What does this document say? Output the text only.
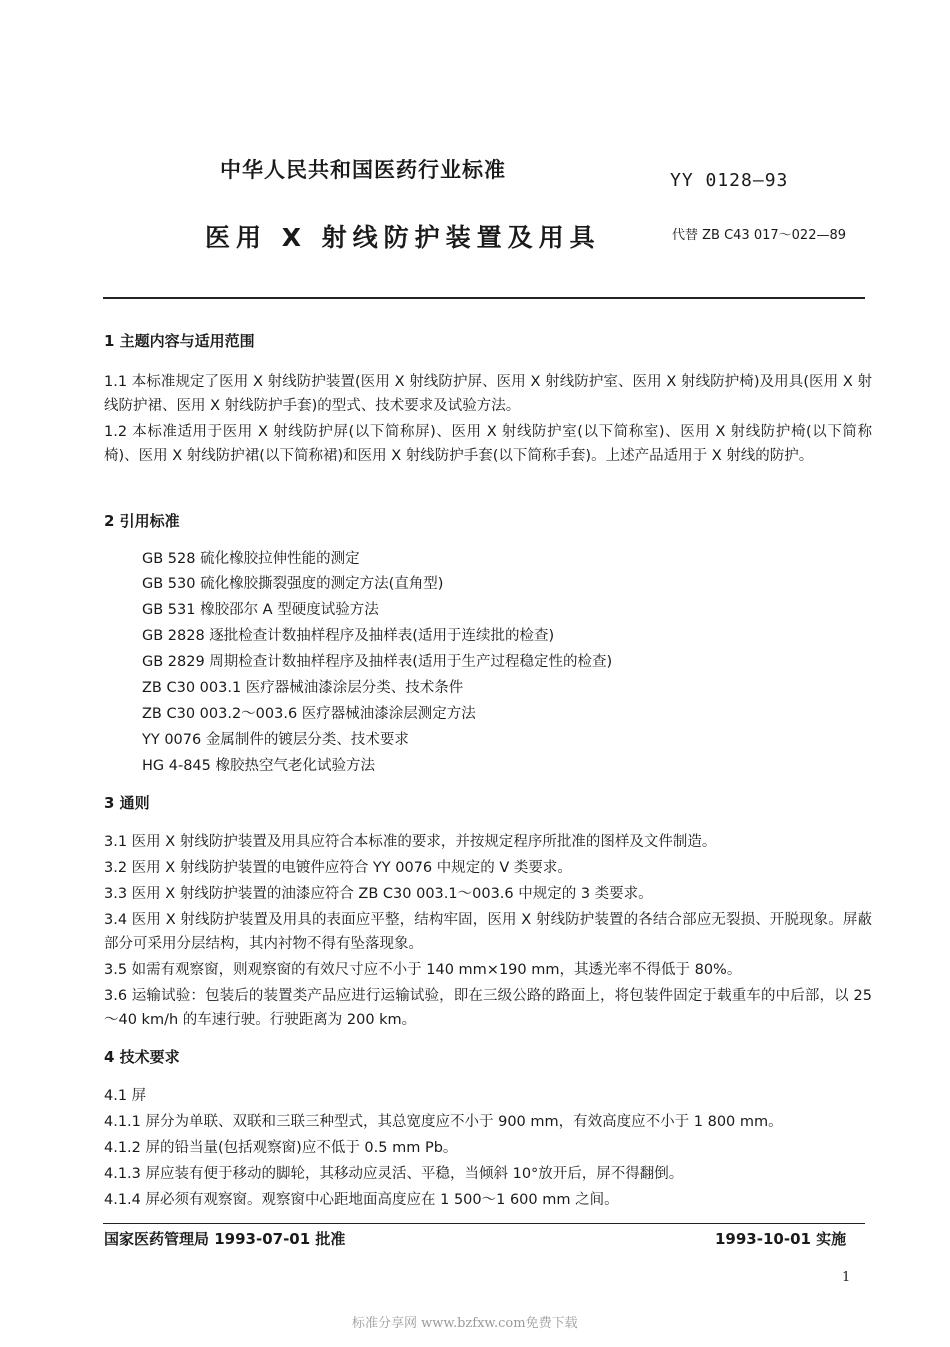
中华人民共和国医药行业标准	YY 0128—93
医用 X 射线防护装置及用具	代替 ZB C43 017～022—89
1 主题内容与适用范围
1.1 本标准规定了医用 X 射线防护装置(医用 X 射线防护屏、医用 X 射线防护室、医用 X 射线防护椅)及用具(医用 X 射线防护裙、医用 X 射线防护手套)的型式、技术要求及试验方法。
1.2 本标准适用于医用 X 射线防护屏(以下简称屏)、医用 X 射线防护室(以下简称室)、医用 X 射线防护椅(以下简称椅)、医用 X 射线防护裙(以下简称裙)和医用 X 射线防护手套(以下简称手套)。上述产品适用于 X 射线的防护。
2 引用标准
GB 528 硫化橡胶拉伸性能的测定
GB 530 硫化橡胶撕裂强度的测定方法(直角型)
GB 531 橡胶邵尔 A 型硬度试验方法
GB 2828 逐批检查计数抽样程序及抽样表(适用于连续批的检查)
GB 2829 周期检查计数抽样程序及抽样表(适用于生产过程稳定性的检查)
ZB C30 003.1 医疗器械油漆涂层分类、技术条件
ZB C30 003.2～003.6 医疗器械油漆涂层测定方法
YY 0076 金属制件的镀层分类、技术要求
HG 4-845 橡胶热空气老化试验方法
3 通则
3.1 医用 X 射线防护装置及用具应符合本标准的要求，并按规定程序所批准的图样及文件制造。
3.2 医用 X 射线防护装置的电镀件应符合 YY 0076 中规定的 V 类要求。
3.3 医用 X 射线防护装置的油漆应符合 ZB C30 003.1～003.6 中规定的 3 类要求。
3.4 医用 X 射线防护装置及用具的表面应平整，结构牢固，医用 X 射线防护装置的各结合部应无裂损、开脱现象。屏蔽部分可采用分层结构，其内衬物不得有坠落现象。
3.5 如需有观察窗，则观察窗的有效尺寸应不小于 140 mm×190 mm，其透光率不得低于 80%。
3.6 运输试验：包装后的装置类产品应进行运输试验，即在三级公路的路面上，将包装件固定于载重车的中后部，以 25～40 km/h 的车速行驶。行驶距离为 200 km。
4 技术要求
4.1 屏
4.1.1 屏分为单联、双联和三联三种型式，其总宽度应不小于 900 mm，有效高度应不小于 1 800 mm。
4.1.2 屏的铅当量(包括观察窗)应不低于 0.5 mm Pb。
4.1.3 屏应装有便于移动的脚轮，其移动应灵活、平稳，当倾斜 10°放开后，屏不得翻倒。
4.1.4 屏必须有观察窗。观察窗中心距地面高度应在 1 500～1 600 mm 之间。
国家医药管理局 1993-07-01 批准	1993-10-01 实施
1
标准分享网 www.bzfxw.com免费下载
